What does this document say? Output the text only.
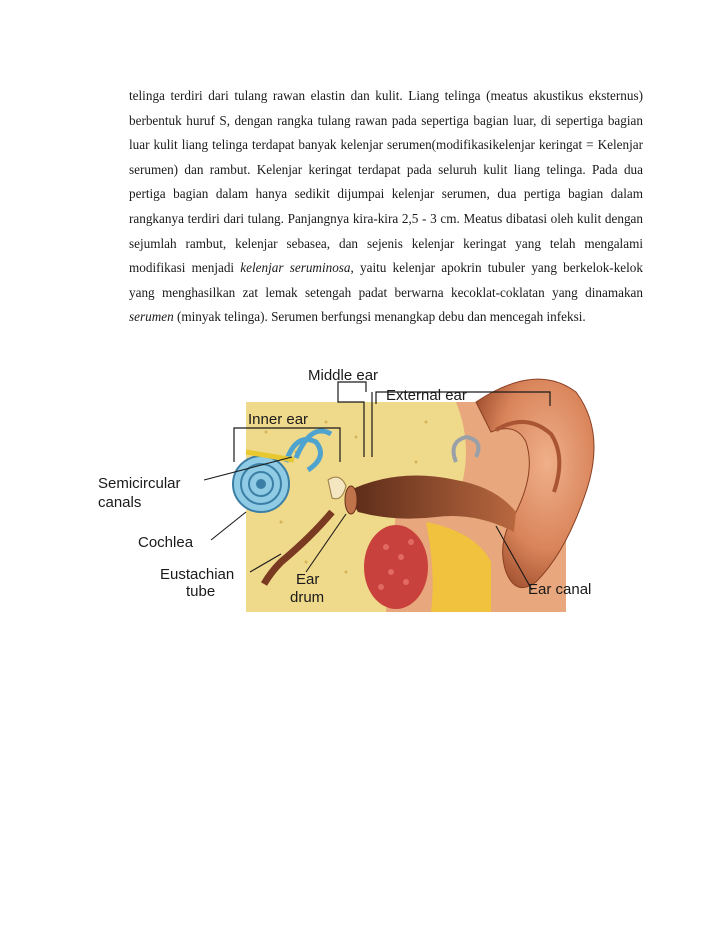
telinga terdiri dari tulang rawan elastin dan kulit. Liang telinga (meatus akustikus eksternus) berbentuk huruf S, dengan rangka tulang rawan pada sepertiga bagian luar, di sepertiga bagian luar kulit liang telinga terdapat banyak kelenjar serumen(modifikasikelenjar keringat = Kelenjar serumen) dan rambut. Kelenjar keringat terdapat pada seluruh kulit liang telinga. Pada dua pertiga bagian dalam hanya sedikit dijumpai kelenjar serumen, dua pertiga bagian dalam rangkanya terdiri dari tulang. Panjangnya kira-kira 2,5 - 3 cm. Meatus dibatasi oleh kulit dengan sejumlah rambut, kelenjar sebasea, dan sejenis kelenjar keringat yang telah mengalami modifikasi menjadi kelenjar seruminosa, yaitu kelenjar apokrin tubuler yang berkelok-kelok yang menghasilkan zat lemak setengah padat berwarna kecoklat-coklatan yang dinamakan serumen (minyak telinga). Serumen berfungsi menangkap debu dan mencegah infeksi.

Middle ear
External ear
Inner ear
Semicircular
canals
Cochlea
Eustachian
tube
Ear
drum	Ear canal
